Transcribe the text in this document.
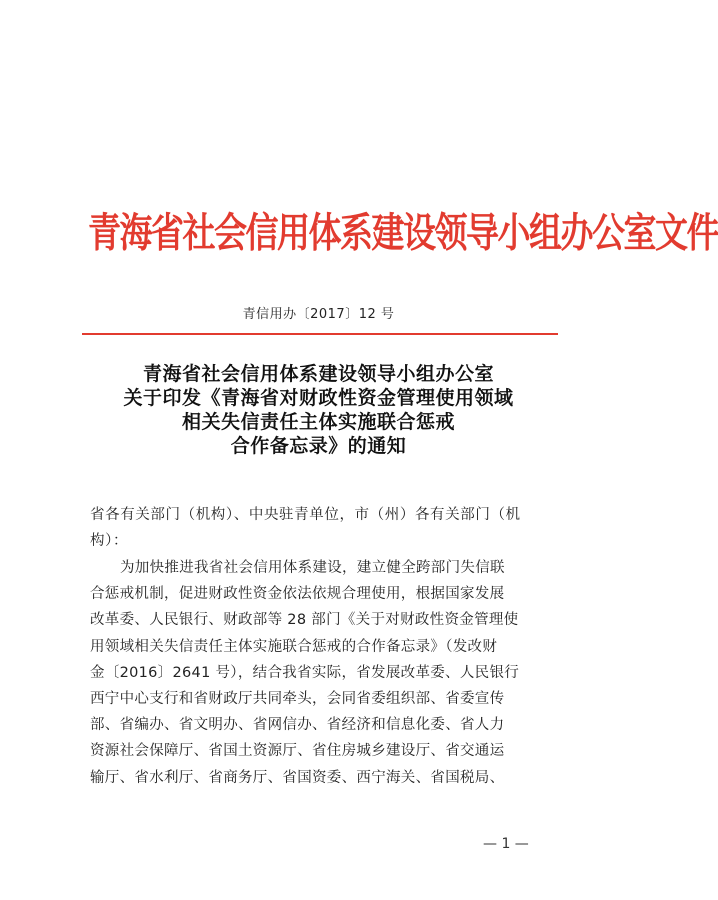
青海省社会信用体系建设领导小组办公室文件
青信用办〔2017〕12 号
青海省社会信用体系建设领导小组办公室
关于印发《青海省对财政性资金管理使用领域
相关失信责任主体实施联合惩戒
合作备忘录》的通知
省各有关部门（机构）、中央驻青单位，市（州）各有关部门（机
构）：
为加快推进我省社会信用体系建设，建立健全跨部门失信联
合惩戒机制，促进财政性资金依法依规合理使用，根据国家发展
改革委、人民银行、财政部等 28 部门《关于对财政性资金管理使
用领域相关失信责任主体实施联合惩戒的合作备忘录》（发改财
金〔2016〕2641 号），结合我省实际，省发展改革委、人民银行
西宁中心支行和省财政厅共同牵头，会同省委组织部、省委宣传
部、省编办、省文明办、省网信办、省经济和信息化委、省人力
资源社会保障厅、省国土资源厅、省住房城乡建设厅、省交通运
输厅、省水利厅、省商务厅、省国资委、西宁海关、省国税局、
— 1 —
